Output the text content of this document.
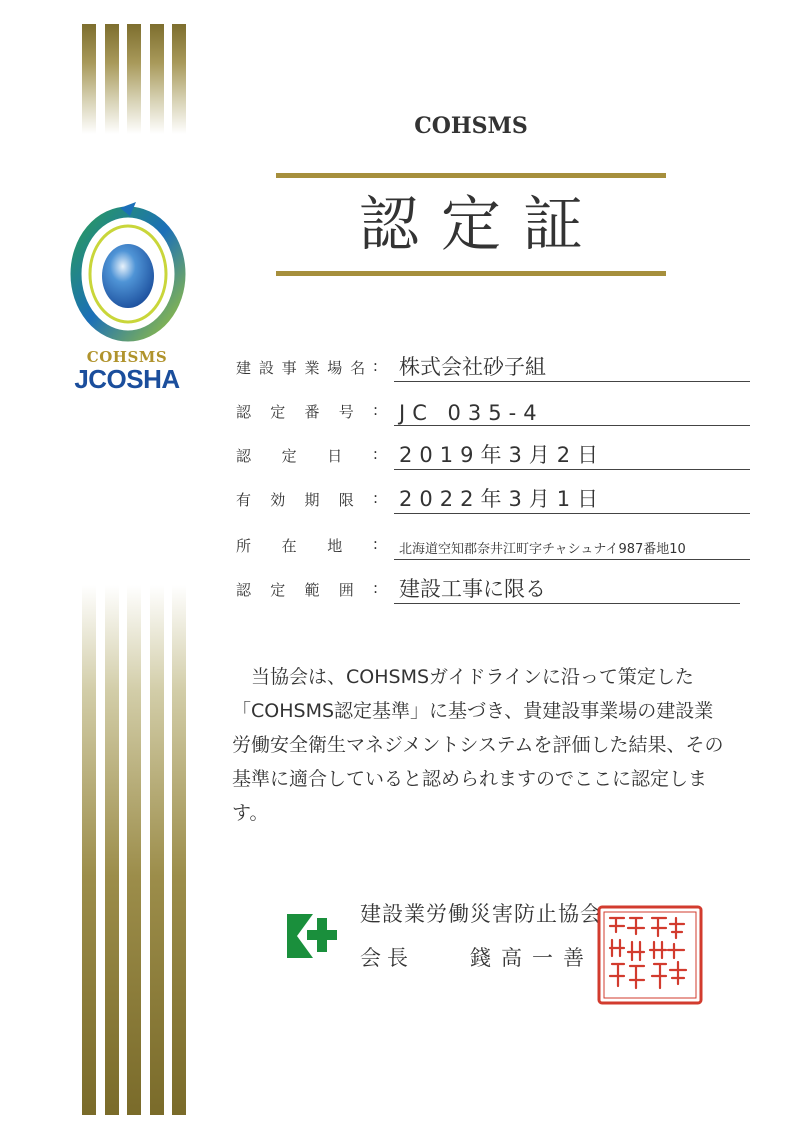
COHSMS
JCOSHA
COHSMS
認定証
建 設 事 業 場 名 : 株式会社砂子組
認 定 番 号 : JC 035-4
認 定 日 : 2019年3月2日
有 効 期 限 : 2022年3月1日
所 在 地 :	北海道空知郡奈井江町字チャシュナイ987番地10
認 定 範 囲 : 建設工事に限る
当協会は、COHSMSガイドラインに沿って策定した「COHSMS認定基準」に基づき、貴建設事業場の建設業労働安全衛生マネジメントシステムを評価した結果、その基準に適合していると認められますのでここに認定します。
建設業労働災害防止協会
会長	錢高一善
